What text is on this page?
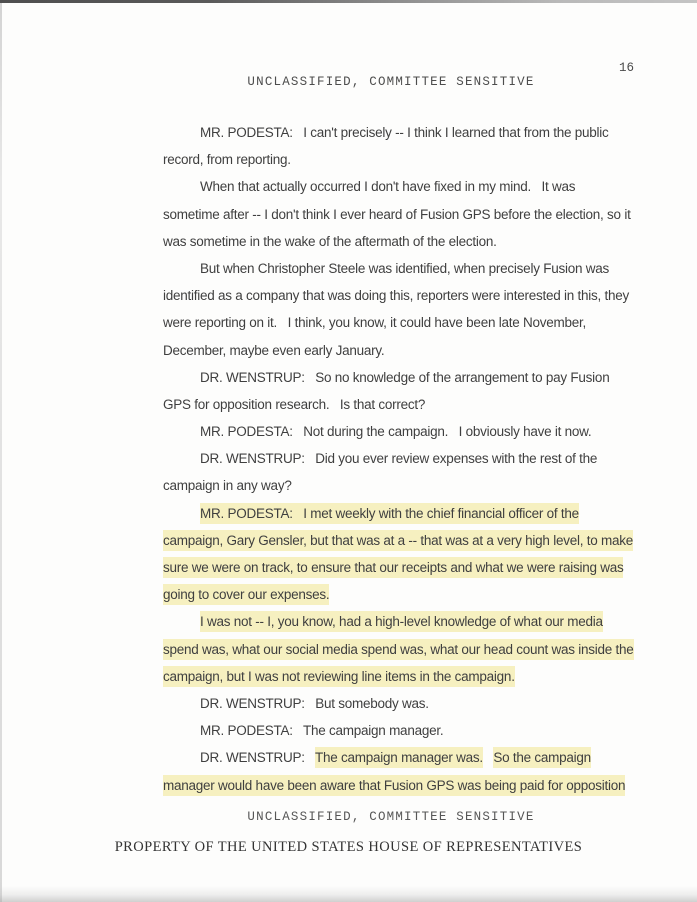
16
UNCLASSIFIED, COMMITTEE SENSITIVE
MR. PODESTA:   I can't precisely -- I think I learned that from the public
record, from reporting.
When that actually occurred I don't have fixed in my mind.   It was
sometime after -- I don't think I ever heard of Fusion GPS before the election, so it
was sometime in the wake of the aftermath of the election.
But when Christopher Steele was identified, when precisely Fusion was
identified as a company that was doing this, reporters were interested in this, they
were reporting on it.   I think, you know, it could have been late November,
December, maybe even early January.
DR. WENSTRUP:   So no knowledge of the arrangement to pay Fusion
GPS for opposition research.   Is that correct?
MR. PODESTA:   Not during the campaign.   I obviously have it now.
DR. WENSTRUP:   Did you ever review expenses with the rest of the
campaign in any way?
MR. PODESTA:   I met weekly with the chief financial officer of the
campaign, Gary Gensler, but that was at a -- that was at a very high level, to make
sure we were on track, to ensure that our receipts and what we were raising was
going to cover our expenses.
I was not -- I, you know, had a high-level knowledge of what our media
spend was, what our social media spend was, what our head count was inside the
campaign, but I was not reviewing line items in the campaign.
DR. WENSTRUP:   But somebody was.
MR. PODESTA:   The campaign manager.
DR. WENSTRUP:   The campaign manager was. So the campaign
manager would have been aware that Fusion GPS was being paid for opposition
UNCLASSIFIED, COMMITTEE SENSITIVE
PROPERTY OF THE UNITED STATES HOUSE OF REPRESENTATIVES
